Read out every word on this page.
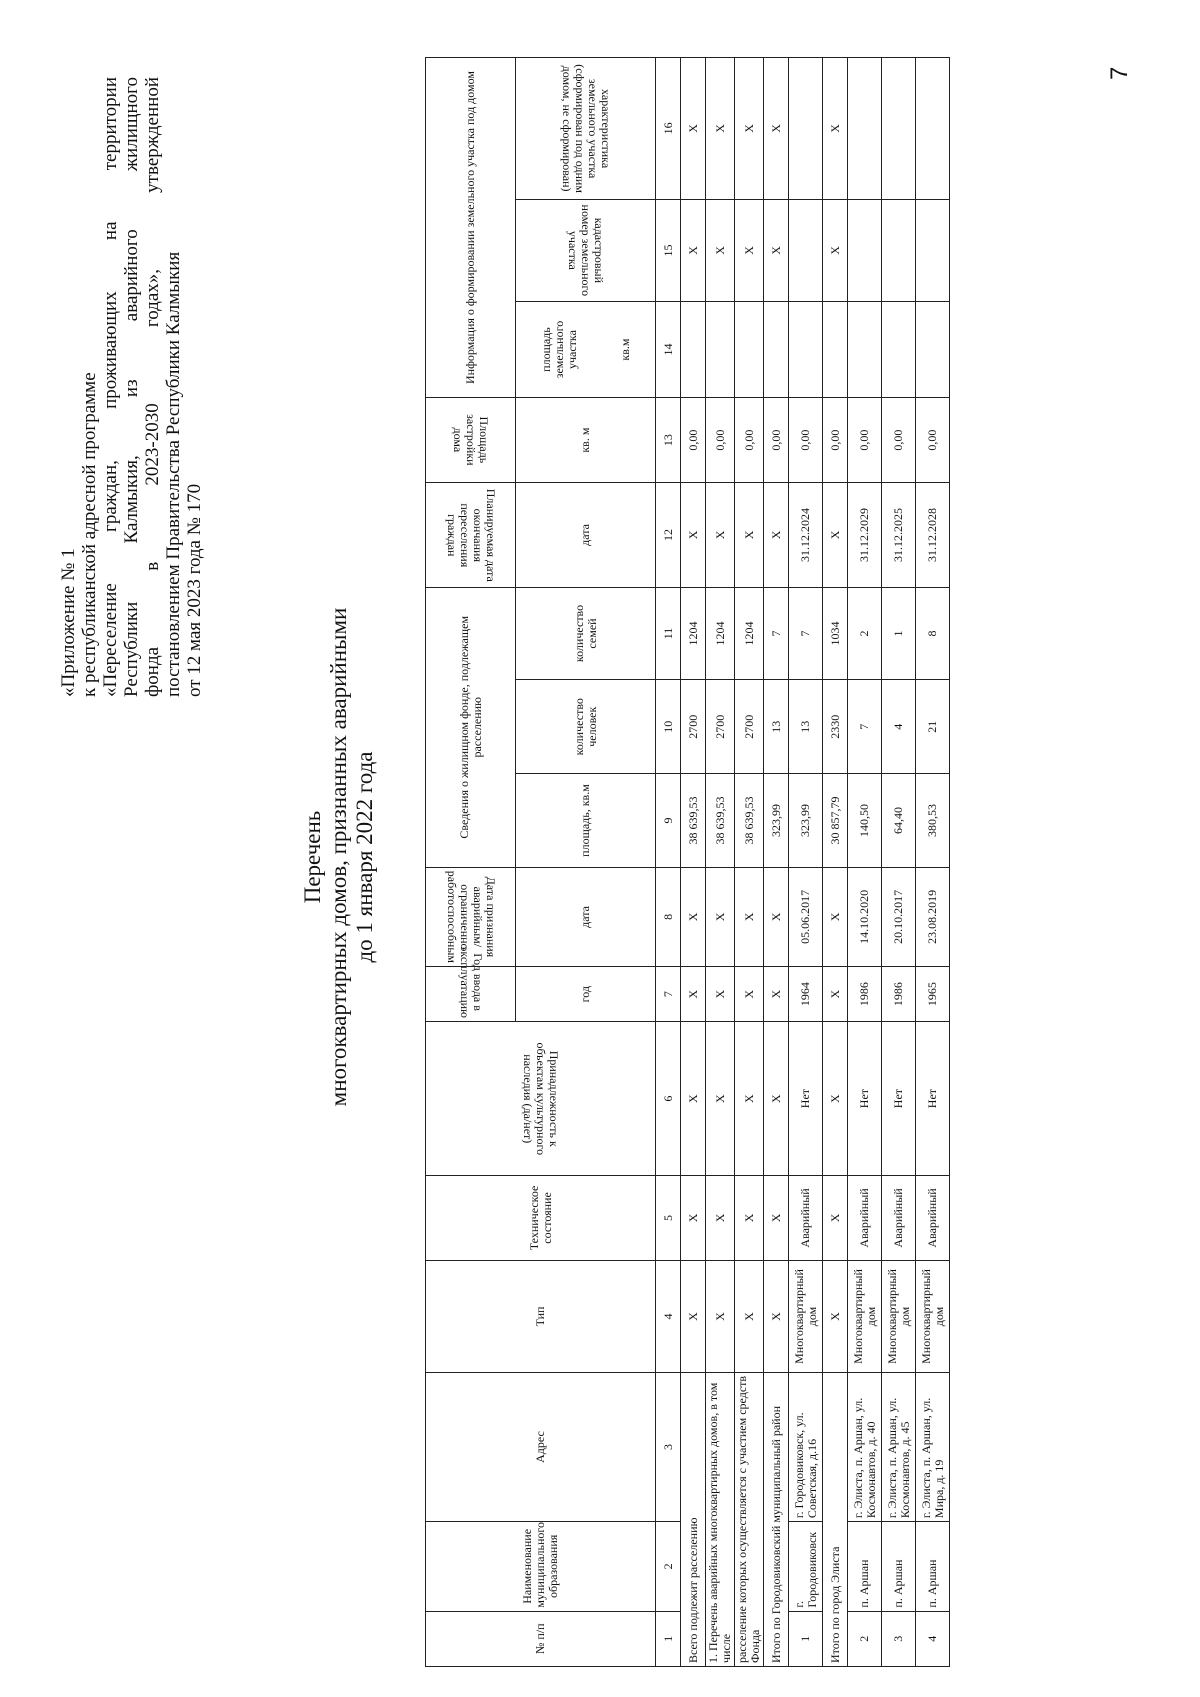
«Приложение № 1 к республиканской адресной программе «Переселение граждан, проживающих на территории Республики Калмыкия, из аварийного жилищного фонда в 2023-2030 годах», утвержденной постановлением Правительства Республики Калмыкия от 12 мая 2023 года № 170
Перечень многоквартирных домов, признанных аварийными до 1 января 2022 года
№ п/п	Наименование муниципального образования	Адрес	Тип	Техническое состояние	Принадлежность к объектам культурного наследия (да/нет)	Год ввода в эксплуатацию	Дата признания аварийным/ограниченно работоспособным	Сведения о жилищном фонде, подлежащем расселению			Планируемая дата окончания переселения граждан	Площадь застройки дома	Информация о формировании земельного участка под домом		
						год	дата	площадь, кв.м	количество человек	количество семей	дата	кв. м	площадь земельного участка кв.м	кадастровый номер земельного участка	характеристика земельного участка (сформирован под одним домом, не сформирован)
1	2	3	4	5	6	7	8	9	10	11	12	13	14	15	16
Всего подлежит расселению			X	X	X	X	X	38 639,53	2700	1204	X	0,00		X	X
1. Перечень аварийных многоквартирных домов, в том числе			X	X	X	X	X	38 639,53	2700	1204	X	0,00		X	X
расселение которых осуществляется с участием средств Фонда			X	X	X	X	X	38 639,53	2700	1204	X	0,00		X	X
Итого по Городовиковский муниципальный район			X	X	X	X	X	323,99	13	7	X	0,00		X	X
1	г. Городовиковск	г. Городовиковск, ул. Советская, д.16	Многоквартирный дом	Аварийный	Нет	1964	05.06.2017	323,99	13	7	31.12.2024	0,00			
Итого по город Элиста			X	X	X	X	X	30 857,79	2330	1034	X	0,00		X	X
2	п. Аршан	г. Элиста, п. Аршан, ул. Космонавтов, д. 40	Многоквартирный дом	Аварийный	Нет	1986	14.10.2020	140,50	7	2	31.12.2029	0,00			
3	п. Аршан	г. Элиста, п. Аршан, ул. Космонавтов, д. 45	Многоквартирный дом	Аварийный	Нет	1986	20.10.2017	64,40	4	1	31.12.2025	0,00			
4	п. Аршан	г. Элиста, п. Аршан, ул. Мира, д. 19	Многоквартирный дом	Аварийный	Нет	1965	23.08.2019	380,53	21	8	31.12.2028	0,00			
7
